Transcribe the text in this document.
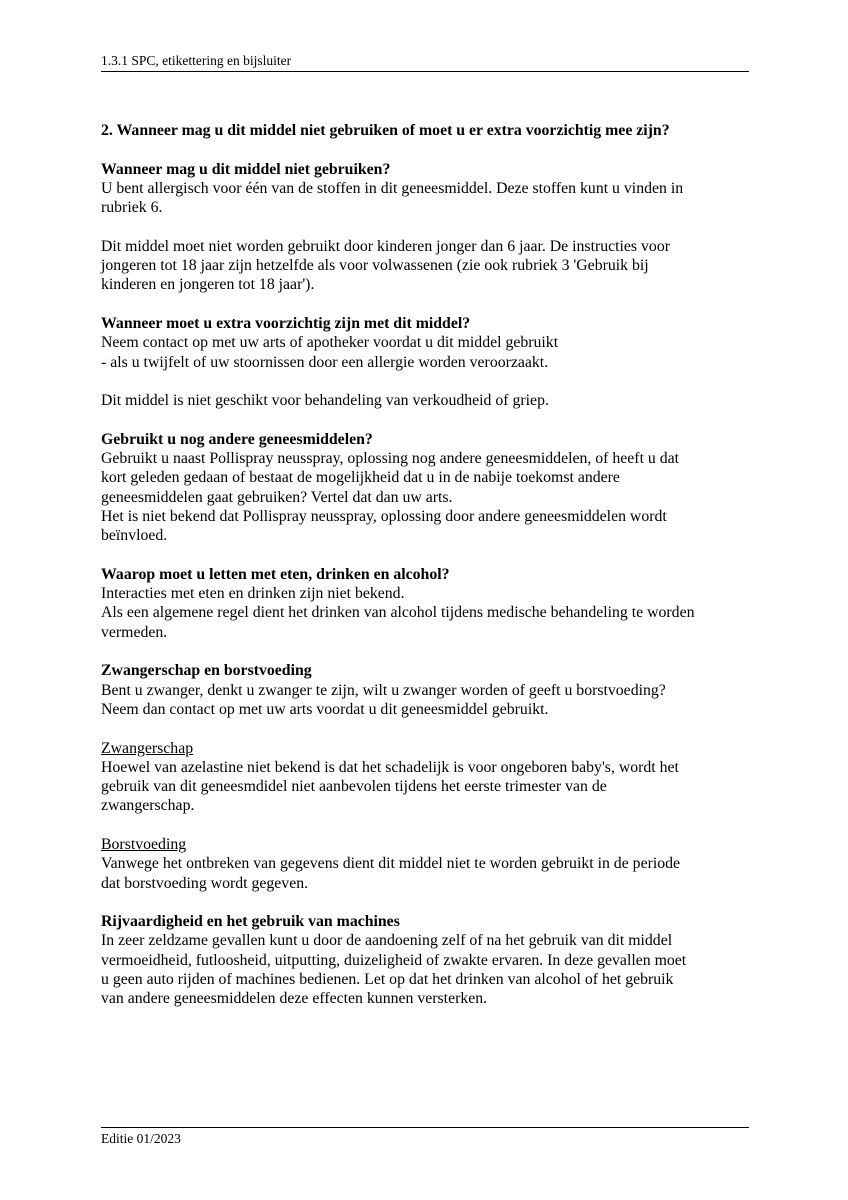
1.3.1 SPC, etikettering en bijsluiter

2. Wanneer mag u dit middel niet gebruiken of moet u er extra voorzichtig mee zijn?

Wanneer mag u dit middel niet gebruiken?

U bent allergisch voor één van de stoffen in dit geneesmiddel. Deze stoffen kunt u vinden in

rubriek 6.

Dit middel moet niet worden gebruikt door kinderen jonger dan 6 jaar. De instructies voor

jongeren tot 18 jaar zijn hetzelfde als voor volwassenen (zie ook rubriek 3 'Gebruik bij

kinderen en jongeren tot 18 jaar').

Wanneer moet u extra voorzichtig zijn met dit middel?

Neem contact op met uw arts of apotheker voordat u dit middel gebruikt

- als u twijfelt of uw stoornissen door een allergie worden veroorzaakt.

Dit middel is niet geschikt voor behandeling van verkoudheid of griep.

Gebruikt u nog andere geneesmiddelen?

Gebruikt u naast Pollispray neusspray, oplossing nog andere geneesmiddelen, of heeft u dat

kort geleden gedaan of bestaat de mogelijkheid dat u in de nabije toekomst andere

geneesmiddelen gaat gebruiken? Vertel dat dan uw arts.

Het is niet bekend dat Pollispray neusspray, oplossing door andere geneesmiddelen wordt

beïnvloed.

Waarop moet u letten met eten, drinken en alcohol?

Interacties met eten en drinken zijn niet bekend.

Als een algemene regel dient het drinken van alcohol tijdens medische behandeling te worden

vermeden.

Zwangerschap en borstvoeding

Bent u zwanger, denkt u zwanger te zijn, wilt u zwanger worden of geeft u borstvoeding?

Neem dan contact op met uw arts voordat u dit geneesmiddel gebruikt.

Zwangerschap

Hoewel van azelastine niet bekend is dat het schadelijk is voor ongeboren baby's, wordt het

gebruik van dit geneesmdidel niet aanbevolen tijdens het eerste trimester van de

zwangerschap.

Borstvoeding

Vanwege het ontbreken van gegevens dient dit middel niet te worden gebruikt in de periode

dat borstvoeding wordt gegeven.

Rijvaardigheid en het gebruik van machines

In zeer zeldzame gevallen kunt u door de aandoening zelf of na het gebruik van dit middel

vermoeidheid, futloosheid, uitputting, duizeligheid of zwakte ervaren. In deze gevallen moet

u geen auto rijden of machines bedienen. Let op dat het drinken van alcohol of het gebruik

van andere geneesmiddelen deze effecten kunnen versterken.

Editie 01/2023
